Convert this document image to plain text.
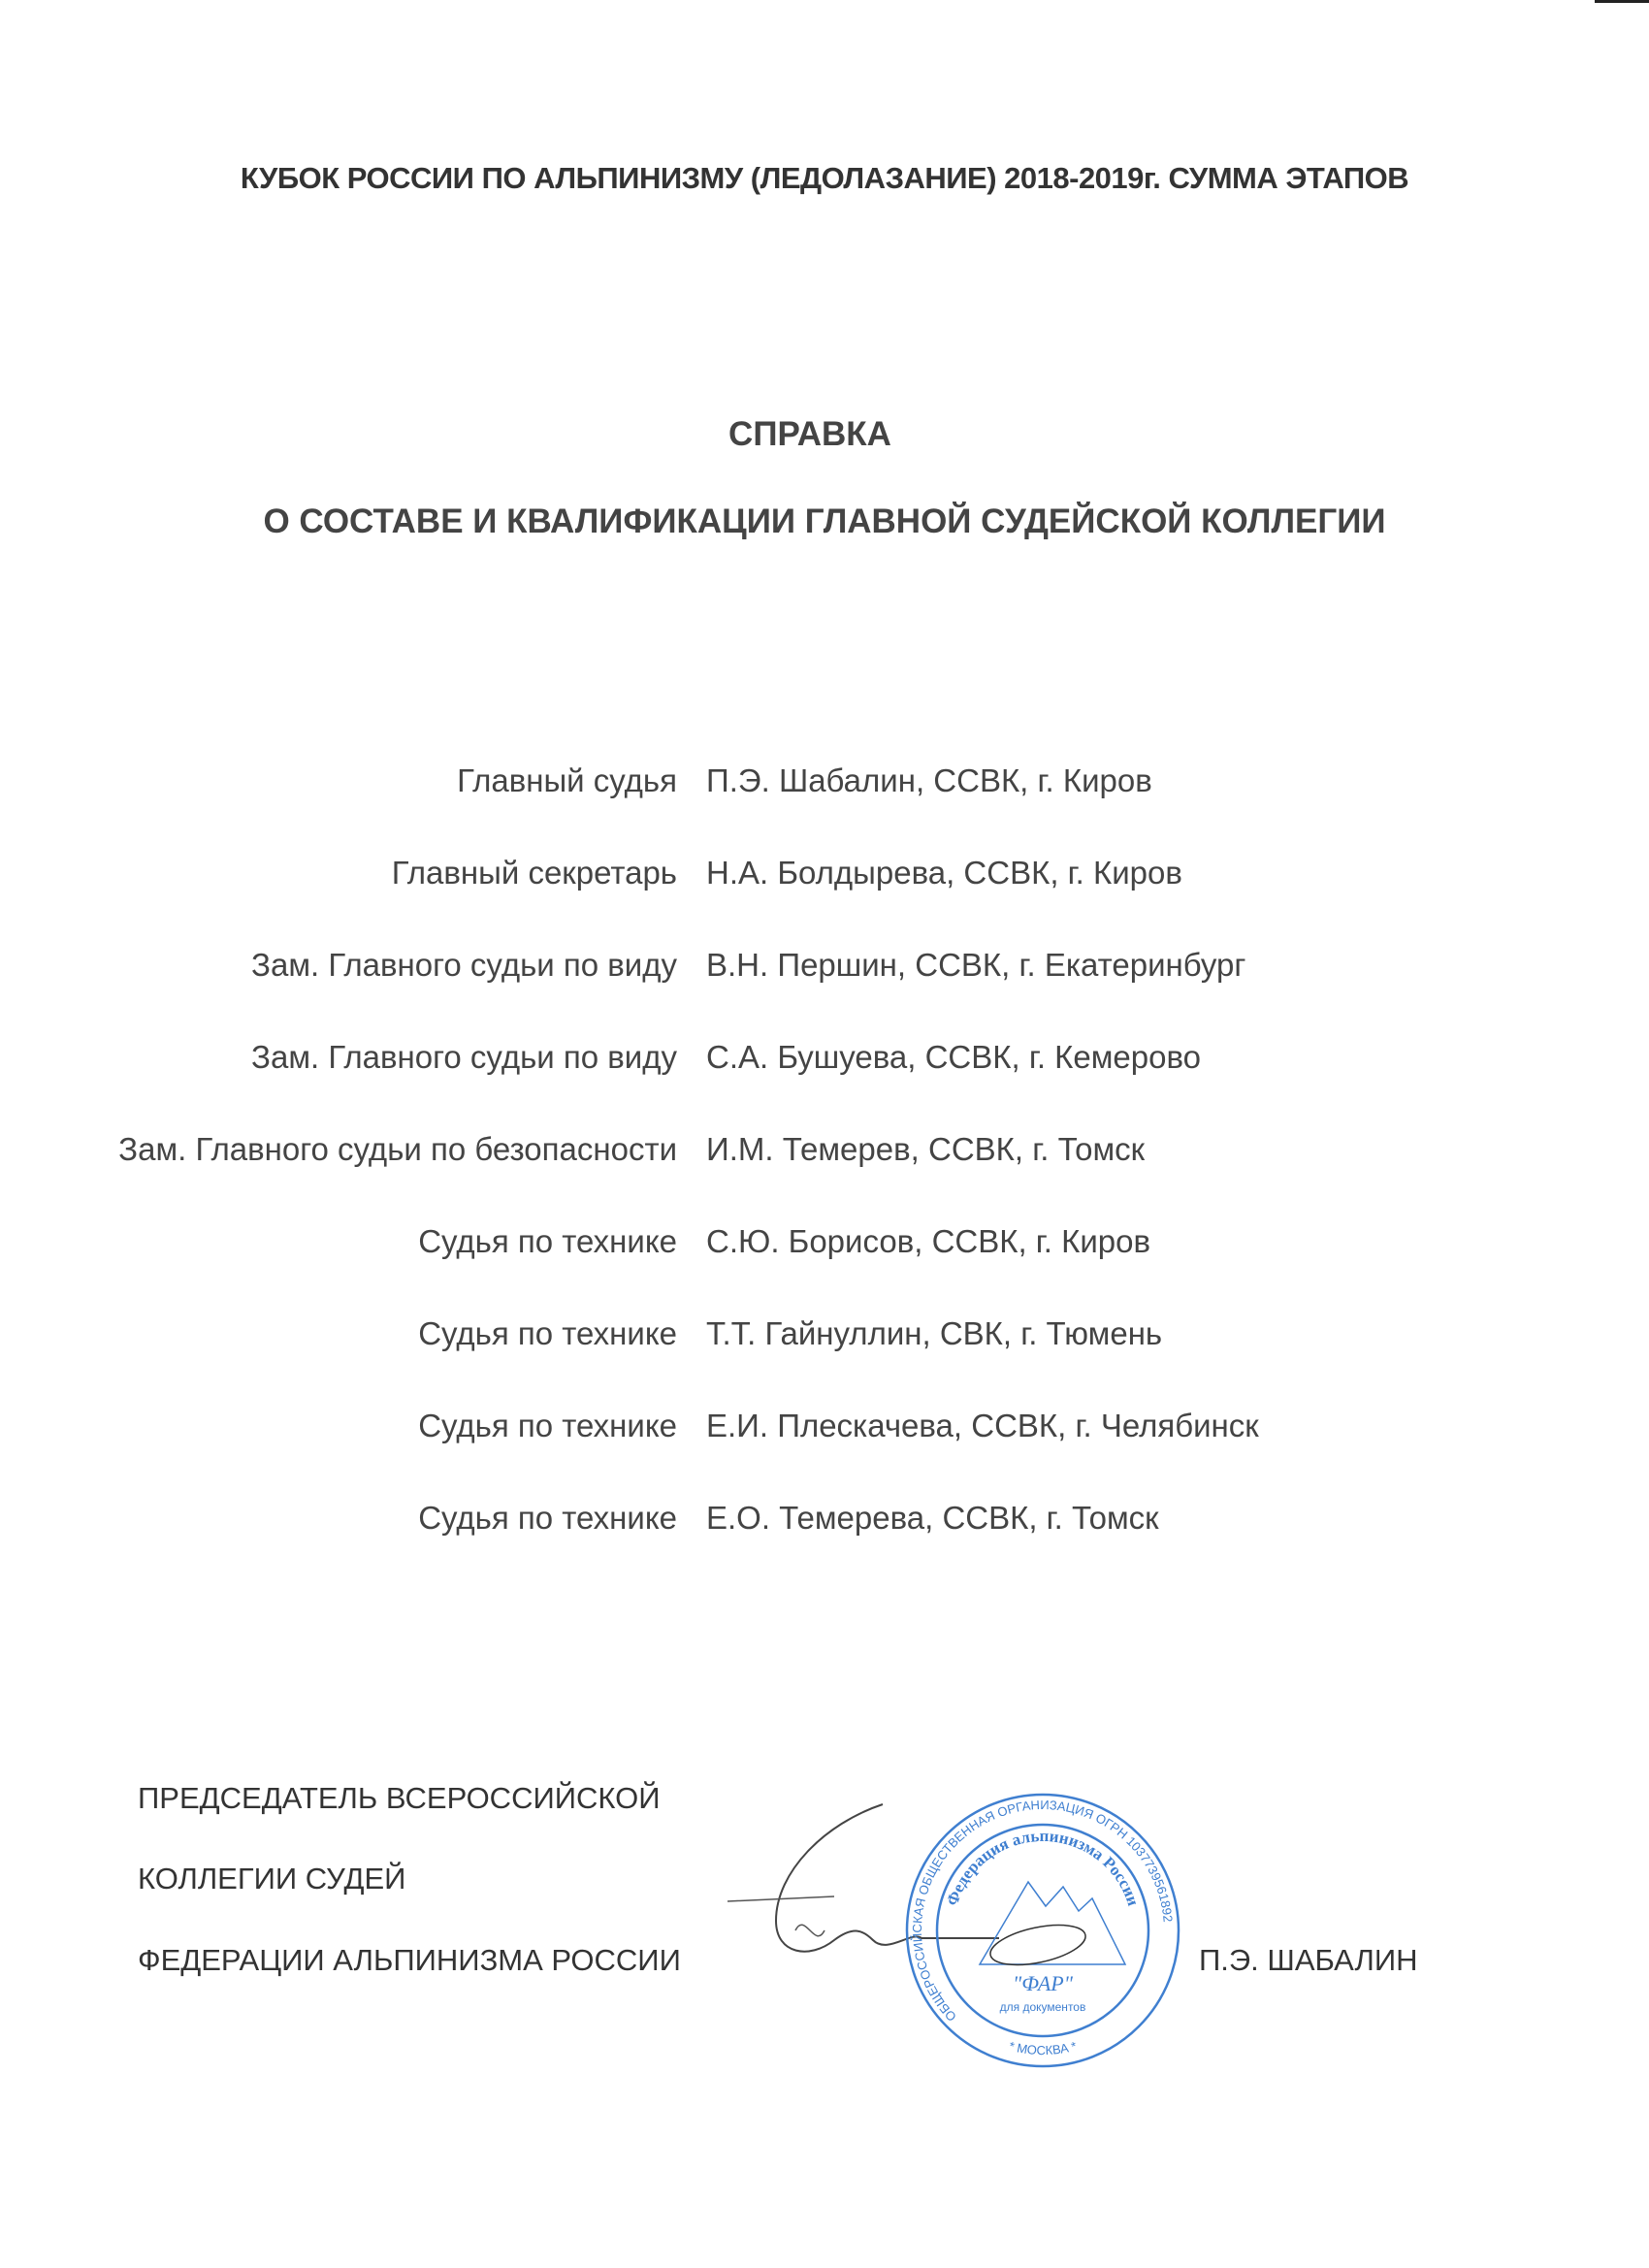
КУБОК РОССИИ ПО АЛЬПИНИЗМУ (ЛЕДОЛАЗАНИЕ) 2018-2019г. СУММА ЭТАПОВ
СПРАВКА
О СОСТАВЕ И КВАЛИФИКАЦИИ ГЛАВНОЙ СУДЕЙСКОЙ КОЛЛЕГИИ
Главный судья П.Э. Шабалин, ССВК, г. Киров
Главный секретарь Н.А. Болдырева, ССВК, г. Киров
Зам. Главного судьи по виду В.Н. Першин, ССВК, г. Екатеринбург
Зам. Главного судьи по виду С.А. Бушуева, ССВК, г. Кемерово
Зам. Главного судьи по безопасности И.М. Темерев, ССВК, г. Томск
Судья по технике С.Ю. Борисов, ССВК, г. Киров
Судья по технике Т.Т. Гайнуллин, СВК, г. Тюмень
Судья по технике Е.И. Плескачева, ССВК, г. Челябинск
Судья по технике Е.О. Темерева, ССВК, г. Томск
ПРЕДСЕДАТЕЛЬ ВСЕРОССИЙСКОЙ
КОЛЛЕГИИ СУДЕЙ
ФЕДЕРАЦИИ АЛЬПИНИЗМА РОССИИ
ОБЩЕРОССИЙСКАЯ ОБЩЕСТВЕННАЯ ОРГАНИЗАЦИЯ ОГРН 1037739561892
Федерация альпинизма России
* МОСКВА *
"ФАР"
для документов
П.Э. ШАБАЛИН
